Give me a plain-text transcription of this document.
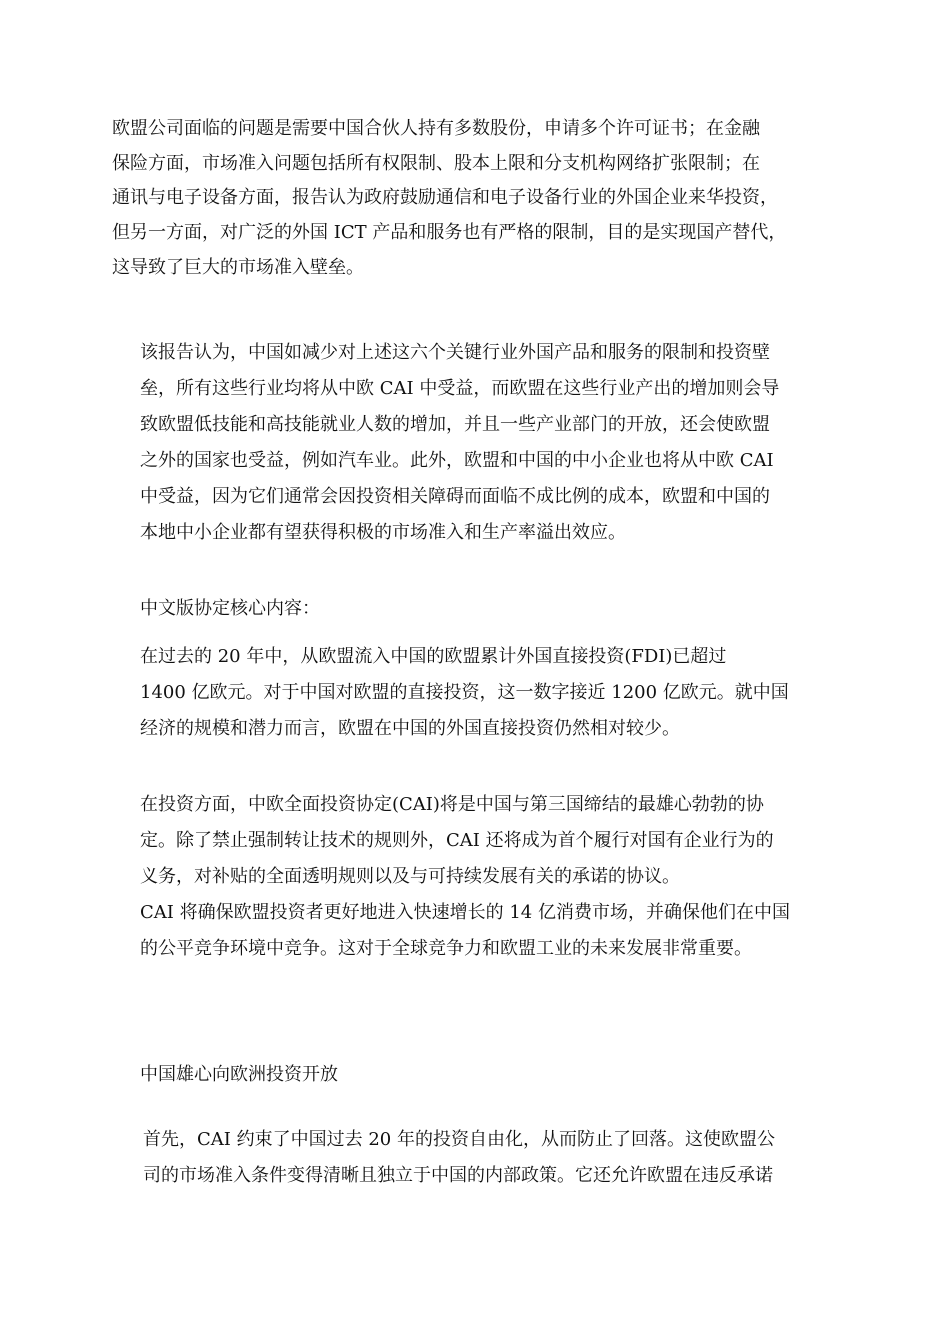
欧盟公司面临的问题是需要中国合伙人持有多数股份，申请多个许可证书；在金融
保险方面，市场准入问题包括所有权限制、股本上限和分支机构网络扩张限制；在
通讯与电子设备方面，报告认为政府鼓励通信和电子设备行业的外国企业来华投资，
但另一方面，对广泛的外国 ICT 产品和服务也有严格的限制，目的是实现国产替代，
这导致了巨大的市场准入壁垒。
该报告认为，中国如减少对上述这六个关键行业外国产品和服务的限制和投资壁
垒，所有这些行业均将从中欧 CAI 中受益，而欧盟在这些行业产出的增加则会导
致欧盟低技能和高技能就业人数的增加，并且一些产业部门的开放，还会使欧盟
之外的国家也受益，例如汽车业。此外，欧盟和中国的中小企业也将从中欧 CAI
中受益，因为它们通常会因投资相关障碍而面临不成比例的成本，欧盟和中国的
本地中小企业都有望获得积极的市场准入和生产率溢出效应。
中文版协定核心内容：
在过去的 20 年中，从欧盟流入中国的欧盟累计外国直接投资(FDI)已超过
1400 亿欧元。对于中国对欧盟的直接投资，这一数字接近 1200 亿欧元。就中国
经济的规模和潜力而言，欧盟在中国的外国直接投资仍然相对较少。
在投资方面，中欧全面投资协定(CAI)将是中国与第三国缔结的最雄心勃勃的协
定。除了禁止强制转让技术的规则外，CAI 还将成为首个履行对国有企业行为的
义务，对补贴的全面透明规则以及与可持续发展有关的承诺的协议。
CAI 将确保欧盟投资者更好地进入快速增长的 14 亿消费市场，并确保他们在中国
的公平竞争环境中竞争。这对于全球竞争力和欧盟工业的未来发展非常重要。
中国雄心向欧洲投资开放
首先，CAI 约束了中国过去 20 年的投资自由化，从而防止了回落。这使欧盟公
司的市场准入条件变得清晰且独立于中国的内部政策。它还允许欧盟在违反承诺
